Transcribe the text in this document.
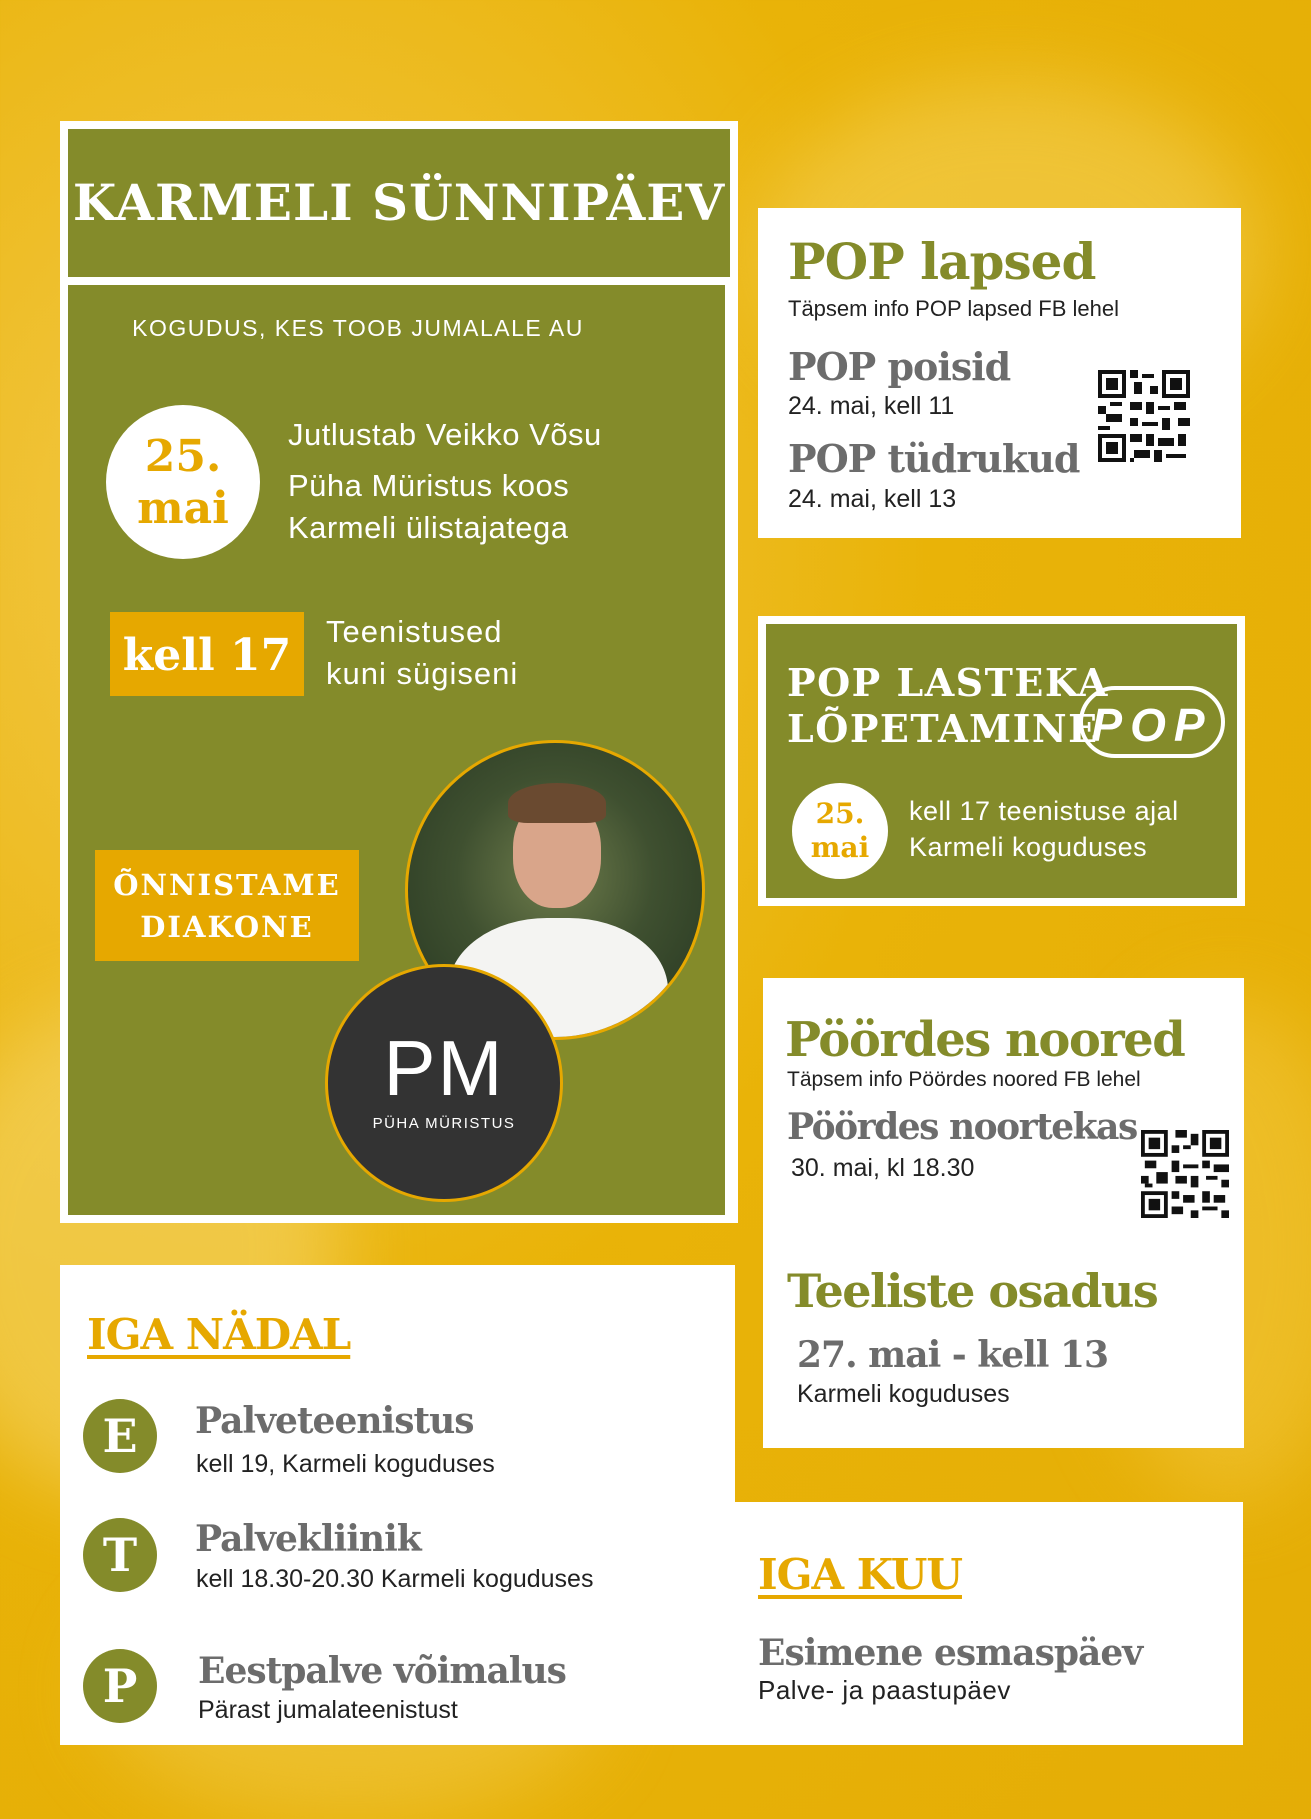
KARMELI SÜNNIPÄEV
KOGUDUS, KES TOOB JUMALALE AU
25.
mai
Jutlustab Veikko Võsu
Püha Müristus koos
Karmeli ülistajatega
kell 17	Teenistused
kuni sügiseni
PM
PÜHA MÜRISTUS
ÕNNISTAME
DIAKONE
POP lapsed
Täpsem info POP lapsed FB lehel
POP poisid
24. mai, kell 11
POP tüdrukud
24. mai, kell 13
POP LASTEKA
LÕPETAMINE
POP
25.
mai
kell 17 teenistuse ajal
Karmeli koguduses
Pöördes noored
Täpsem info Pöördes noored FB lehel
Pöördes noortekas
30. mai, kl 18.30
Teeliste osadus
27. mai - kell 13
Karmeli koguduses
IGA NÄDAL
E	Palveteenistus
kell 19, Karmeli koguduses
T	Palvekliinik
kell 18.30-20.30 Karmeli koguduses
P	Eestpalve võimalus
Pärast jumalateenistust
IGA KUU
Esimene esmaspäev
Palve- ja paastupäev
